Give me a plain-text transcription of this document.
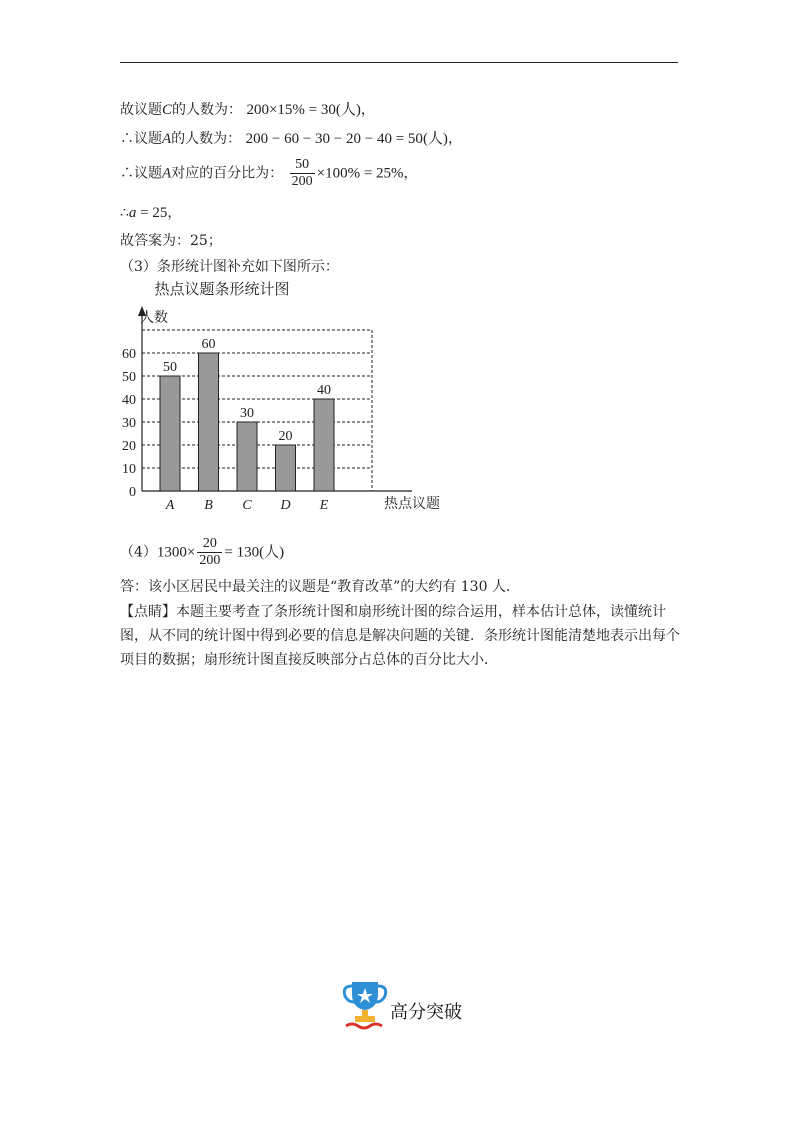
故议题C的人数为： 200×15% = 30(人)，
∴议题A的人数为： 200 − 60 − 30 − 20 − 40 = 50(人)，
∴议题A对应的百分比为： $\frac{50}{200} \times 100\% = 25\%$，
∴a = 25，
故答案为：25；
（3）条形统计图补充如下图所示：
热点议题条形统计图
0
10
20
30
40
50
60
50
A
60
B
30
C
20
D
40
E
人数
热点议题
$(4)1300\times \frac{20}{200} = 130$(人)
答：该小区居民中最关注的议题是“教育改革”的大约有 130 人．
【点睛】本题主要考查了条形统计图和扇形统计图的综合运用，样本估计总体，读懂统计图，从不同的统计图中得到必要的信息是解决问题的关键．条形统计图能清楚地表示出每个项目的数据；扇形统计图直接反映部分占总体的百分比大小．
高分突破
